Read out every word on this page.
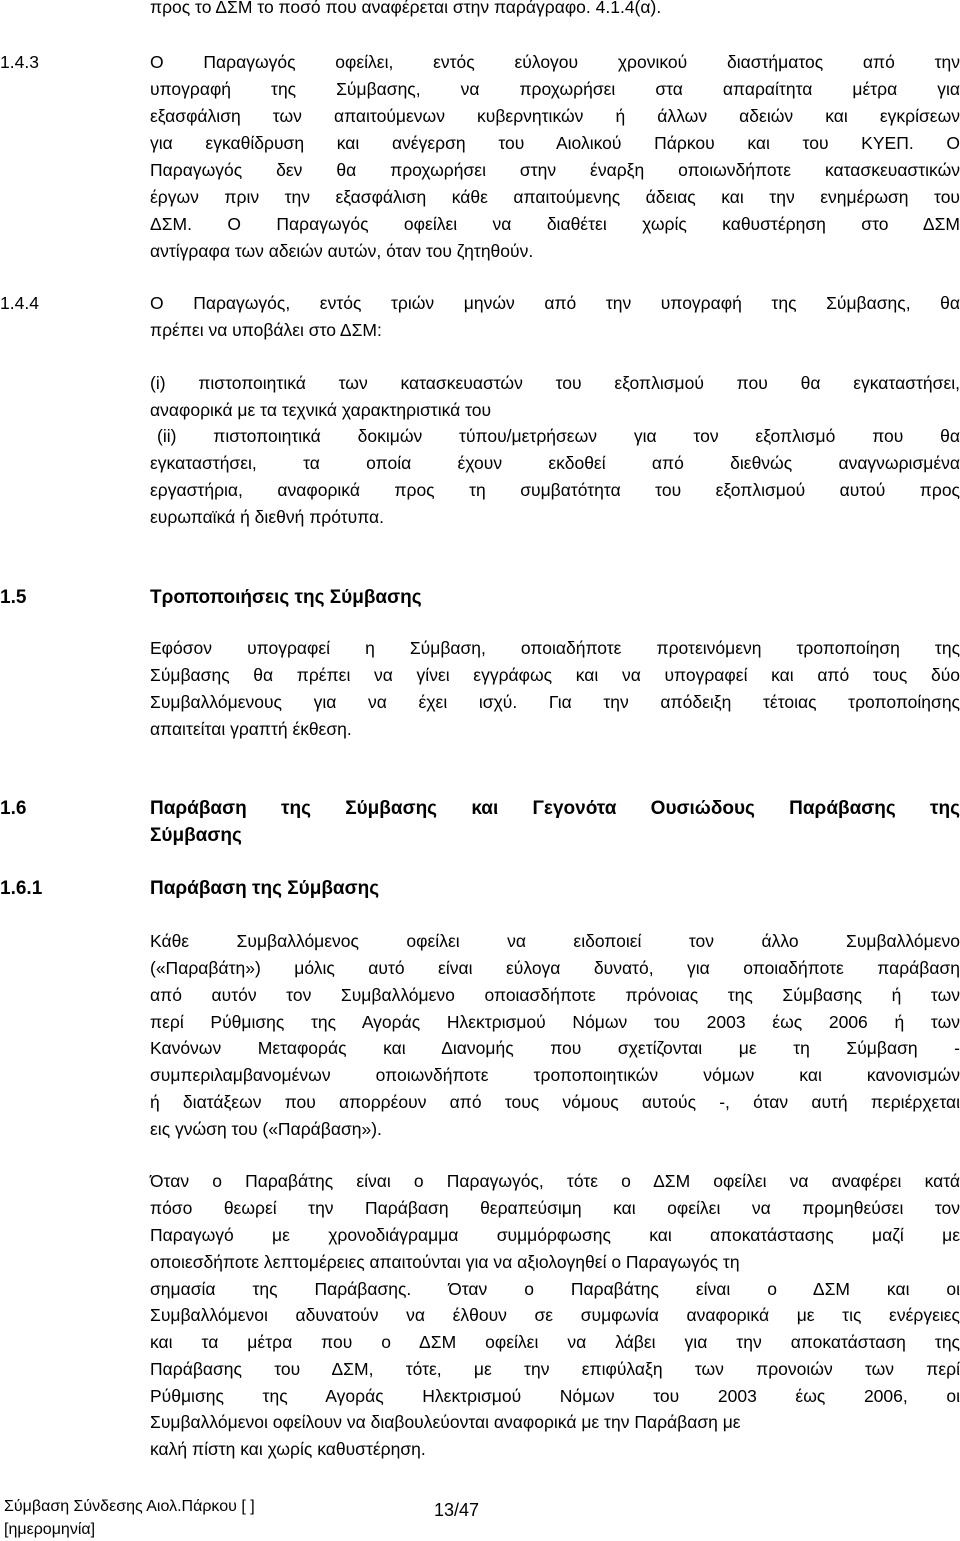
προς το ΔΣΜ το ποσό που αναφέρεται στην παράγραφο. 4.1.4(α).
1.4.3	Ο Παραγωγός οφείλει, εντός εύλογου χρονικού διαστήματος από την
υπογραφή της Σύμβασης, να προχωρήσει στα απαραίτητα μέτρα για
εξασφάλιση των απαιτούμενων κυβερνητικών ή άλλων αδειών και εγκρίσεων
για εγκαθίδρυση και ανέγερση του Αιολικού Πάρκου και του ΚΥΕΠ. Ο
Παραγωγός δεν θα προχωρήσει στην έναρξη οποιωνδήποτε κατασκευαστικών
έργων πριν την εξασφάλιση κάθε απαιτούμενης άδειας και την ενημέρωση του
ΔΣΜ. Ο Παραγωγός οφείλει να διαθέτει χωρίς καθυστέρηση στο ΔΣΜ
αντίγραφα των αδειών αυτών, όταν του ζητηθούν.
1.4.4	Ο Παραγωγός, εντός τριών μηνών από την υπογραφή της Σύμβασης, θα
πρέπει να υποβάλει στο ΔΣΜ:
(i) πιστοποιητικά των κατασκευαστών του εξοπλισμού που θα εγκαταστήσει,
αναφορικά με τα τεχνικά χαρακτηριστικά του
(ii) πιστοποιητικά δοκιμών τύπου/μετρήσεων για τον εξοπλισμό που θα
εγκαταστήσει, τα οποία έχουν εκδοθεί από διεθνώς αναγνωρισμένα
εργαστήρια, αναφορικά προς τη συμβατότητα του εξοπλισμού αυτού προς
ευρωπαϊκά ή διεθνή πρότυπα.
1.5	Τροποποιήσεις της Σύμβασης
Εφόσον υπογραφεί η Σύμβαση, οποιαδήποτε προτεινόμενη τροποποίηση της
Σύμβασης θα πρέπει να γίνει εγγράφως και να υπογραφεί και από τους δύο
Συμβαλλόμενους για να έχει ισχύ. Για την απόδειξη τέτοιας τροποποίησης
απαιτείται γραπτή έκθεση.
1.6	Παράβαση της Σύμβασης και Γεγονότα Ουσιώδους Παράβασης της
Σύμβασης
1.6.1	Παράβαση της Σύμβασης
Κάθε Συμβαλλόμενος οφείλει να ειδοποιεί τον άλλο Συμβαλλόμενο
(«Παραβάτη») μόλις αυτό είναι εύλογα δυνατό, για οποιαδήποτε παράβαση
από αυτόν τον Συμβαλλόμενο οποιασδήποτε πρόνοιας της Σύμβασης ή των
περί Ρύθμισης της Αγοράς Ηλεκτρισμού Νόμων του 2003 έως 2006 ή των
Κανόνων Μεταφοράς και Διανομής που σχετίζονται με τη Σύμβαση -
συμπεριλαμβανομένων οποιωνδήποτε τροποποιητικών νόμων και κανονισμών
ή διατάξεων που απορρέουν από τους νόμους αυτούς -, όταν αυτή περιέρχεται
εις γνώση του («Παράβαση»).
Όταν ο Παραβάτης είναι ο Παραγωγός, τότε ο ΔΣΜ οφείλει να αναφέρει κατά
πόσο θεωρεί την Παράβαση θεραπεύσιμη και οφείλει να προμηθεύσει τον
Παραγωγό με χρονοδιάγραμμα συμμόρφωσης και αποκατάστασης μαζί με
οποιεσδήποτε λεπτομέρειες απαιτούνται για να αξιολογηθεί ο Παραγωγός τη
σημασία της Παράβασης. Όταν ο Παραβάτης είναι ο ΔΣΜ και οι
Συμβαλλόμενοι αδυνατούν να έλθουν σε συμφωνία αναφορικά με τις ενέργειες
και τα μέτρα που ο ΔΣΜ οφείλει να λάβει για την αποκατάσταση της
Παράβασης του ΔΣΜ, τότε, με την επιφύλαξη των προνοιών των περί
Ρύθμισης της Αγοράς Ηλεκτρισμού Νόμων του 2003 έως 2006, οι
Συμβαλλόμενοι οφείλουν να διαβουλεύονται αναφορικά με την Παράβαση με
καλή πίστη και χωρίς καθυστέρηση.
Σύμβαση Σύνδεσης Αιολ.Πάρκου [ ]
[ημερομηνία]
13/47
